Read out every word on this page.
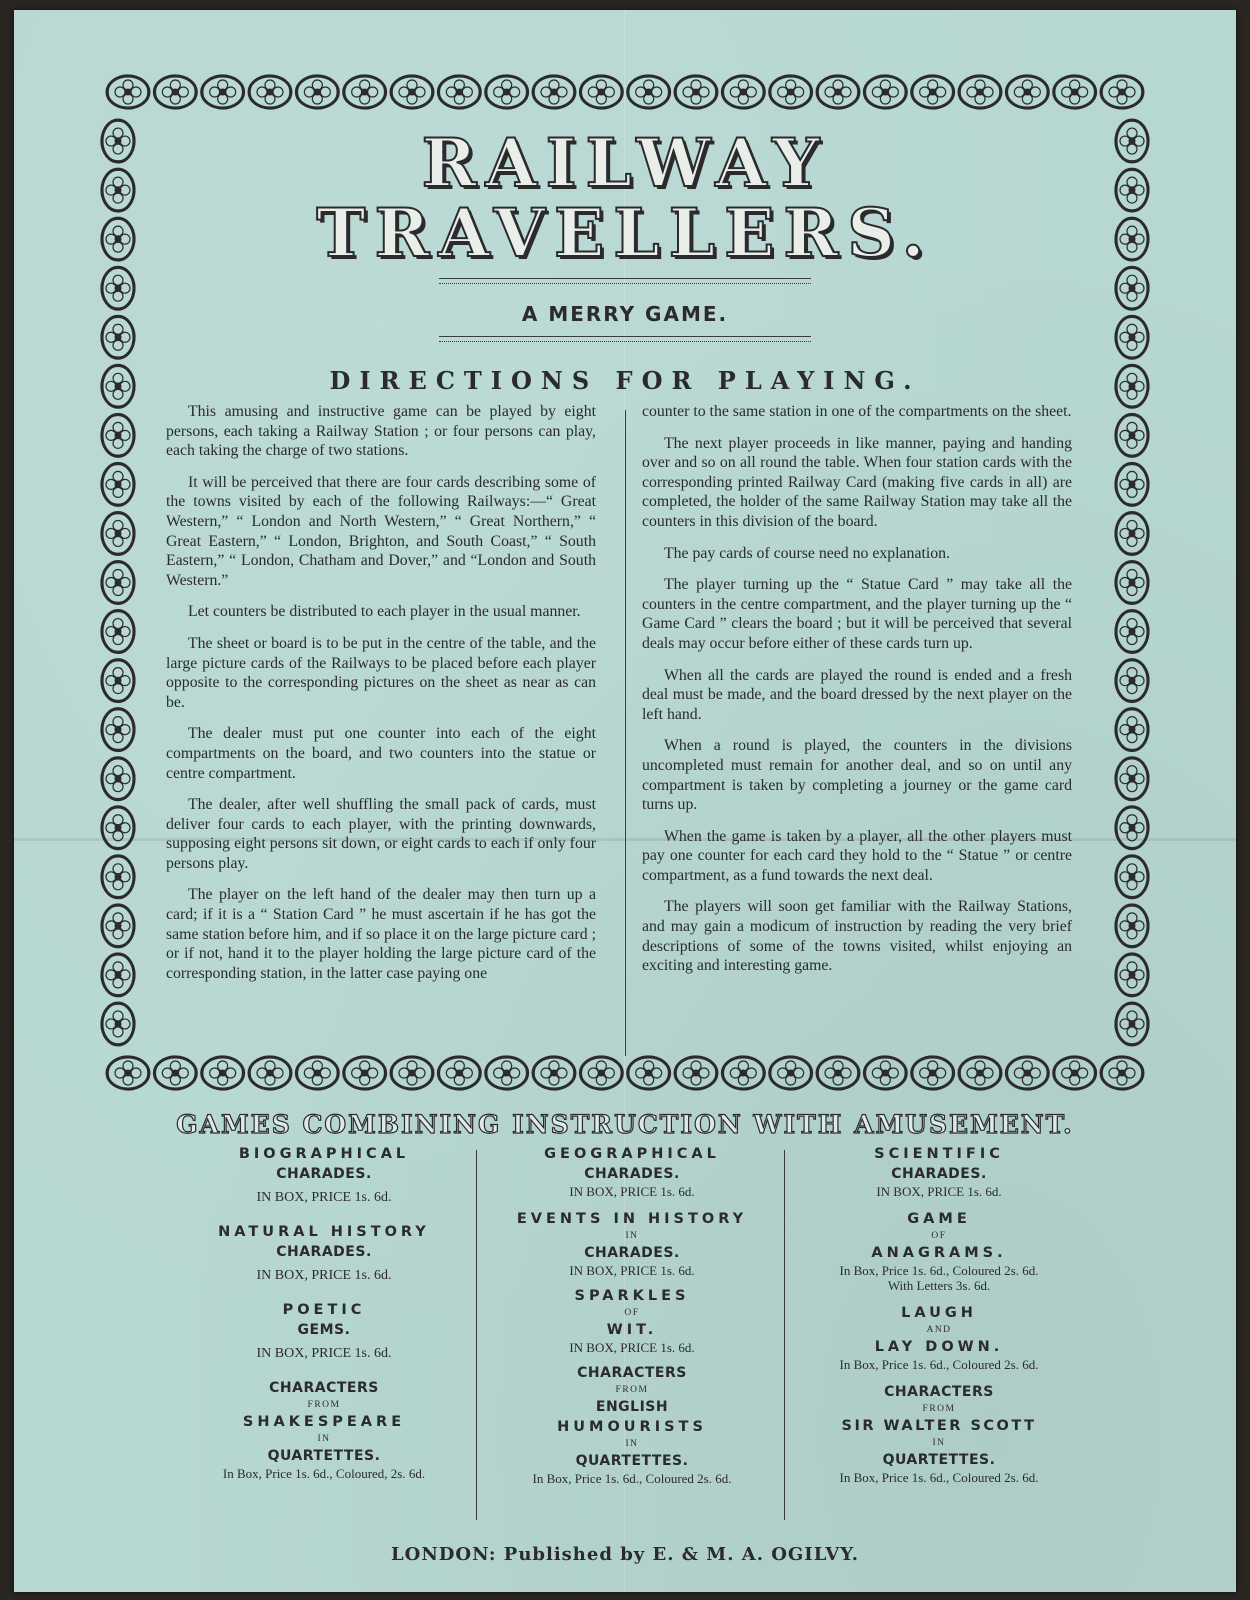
RAILWAY
TRAVELLERS.
A MERRY GAME.
DIRECTIONS FOR PLAYING.

This amusing and instructive game can be played by eight persons, each taking a Railway Station ; or four persons can play, each taking the charge of two stations.

It will be perceived that there are four cards describing some of the towns visited by each of the following Railways:—“ Great Western,” “ London and North Western,” “ Great Northern,” “ Great Eastern,” “ London, Brighton, and South Coast,” “ South Eastern,” “ London, Chatham and Dover,” and “London and South Western.”

Let counters be distributed to each player in the usual manner.

The sheet or board is to be put in the centre of the table, and the large picture cards of the Railways to be placed before each player opposite to the corresponding pictures on the sheet as near as can be.

The dealer must put one counter into each of the eight compartments on the board, and two counters into the statue or centre compartment.

The dealer, after well shuffling the small pack of cards, must deliver four cards to each player, with the printing downwards, supposing eight persons sit down, or eight cards to each if only four persons play.

The player on the left hand of the dealer may then turn up a card; if it is a “ Station Card ” he must ascertain if he has got the same station before him, and if so place it on the large picture card ; or if not, hand it to the player holding the large picture card of the corresponding station, in the latter case paying one

counter to the same station in one of the compartments on the sheet.

The next player proceeds in like manner, paying and handing over and so on all round the table. When four station cards with the corresponding printed Railway Card (making five cards in all) are completed, the holder of the same Railway Station may take all the counters in this division of the board.

The pay cards of course need no explanation.

The player turning up the “ Statue Card ” may take all the counters in the centre compartment, and the player turning up the “ Game Card ” clears the board ; but it will be perceived that several deals may occur before either of these cards turn up.

When all the cards are played the round is ended and a fresh deal must be made, and the board dressed by the next player on the left hand.

When a round is played, the counters in the divisions uncompleted must remain for another deal, and so on until any compartment is taken by completing a journey or the game card turns up.

When the game is taken by a player, all the other players must pay one counter for each card they hold to the “ Statue ” or centre compartment, as a fund towards the next deal.

The players will soon get familiar with the Railway Stations, and may gain a modicum of instruction by reading the very brief descriptions of some of the towns visited, whilst enjoying an exciting and interesting game.

GAMES COMBINING INSTRUCTION WITH AMUSEMENT.
BIOGRAPHICAL
CHARADES.
IN BOX, PRICE 1s. 6d.
NATURAL HISTORY
CHARADES.
IN BOX, PRICE 1s. 6d.
POETIC
GEMS.
IN BOX, PRICE 1s. 6d.
CHARACTERS
FROM
SHAKESPEARE
IN
QUARTETTES.
In Box, Price 1s. 6d., Coloured, 2s. 6d.
GEOGRAPHICAL
CHARADES.
IN BOX, PRICE 1s. 6d.
EVENTS IN HISTORY
IN
CHARADES.
IN BOX, PRICE 1s. 6d.
SPARKLES
OF
WIT.
IN BOX, PRICE 1s. 6d.
CHARACTERS
FROM
ENGLISH
HUMOURISTS
IN
QUARTETTES.
In Box, Price 1s. 6d., Coloured 2s. 6d.
SCIENTIFIC
CHARADES.
IN BOX, PRICE 1s. 6d.
GAME
OF
ANAGRAMS.
In Box, Price 1s. 6d., Coloured 2s. 6d.
With Letters 3s. 6d.
LAUGH
AND
LAY DOWN.
In Box, Price 1s. 6d., Coloured 2s. 6d.
CHARACTERS
FROM
SIR WALTER SCOTT
IN
QUARTETTES.
In Box, Price 1s. 6d., Coloured 2s. 6d.
LONDON: Published by E. & M. A. OGILVY.
